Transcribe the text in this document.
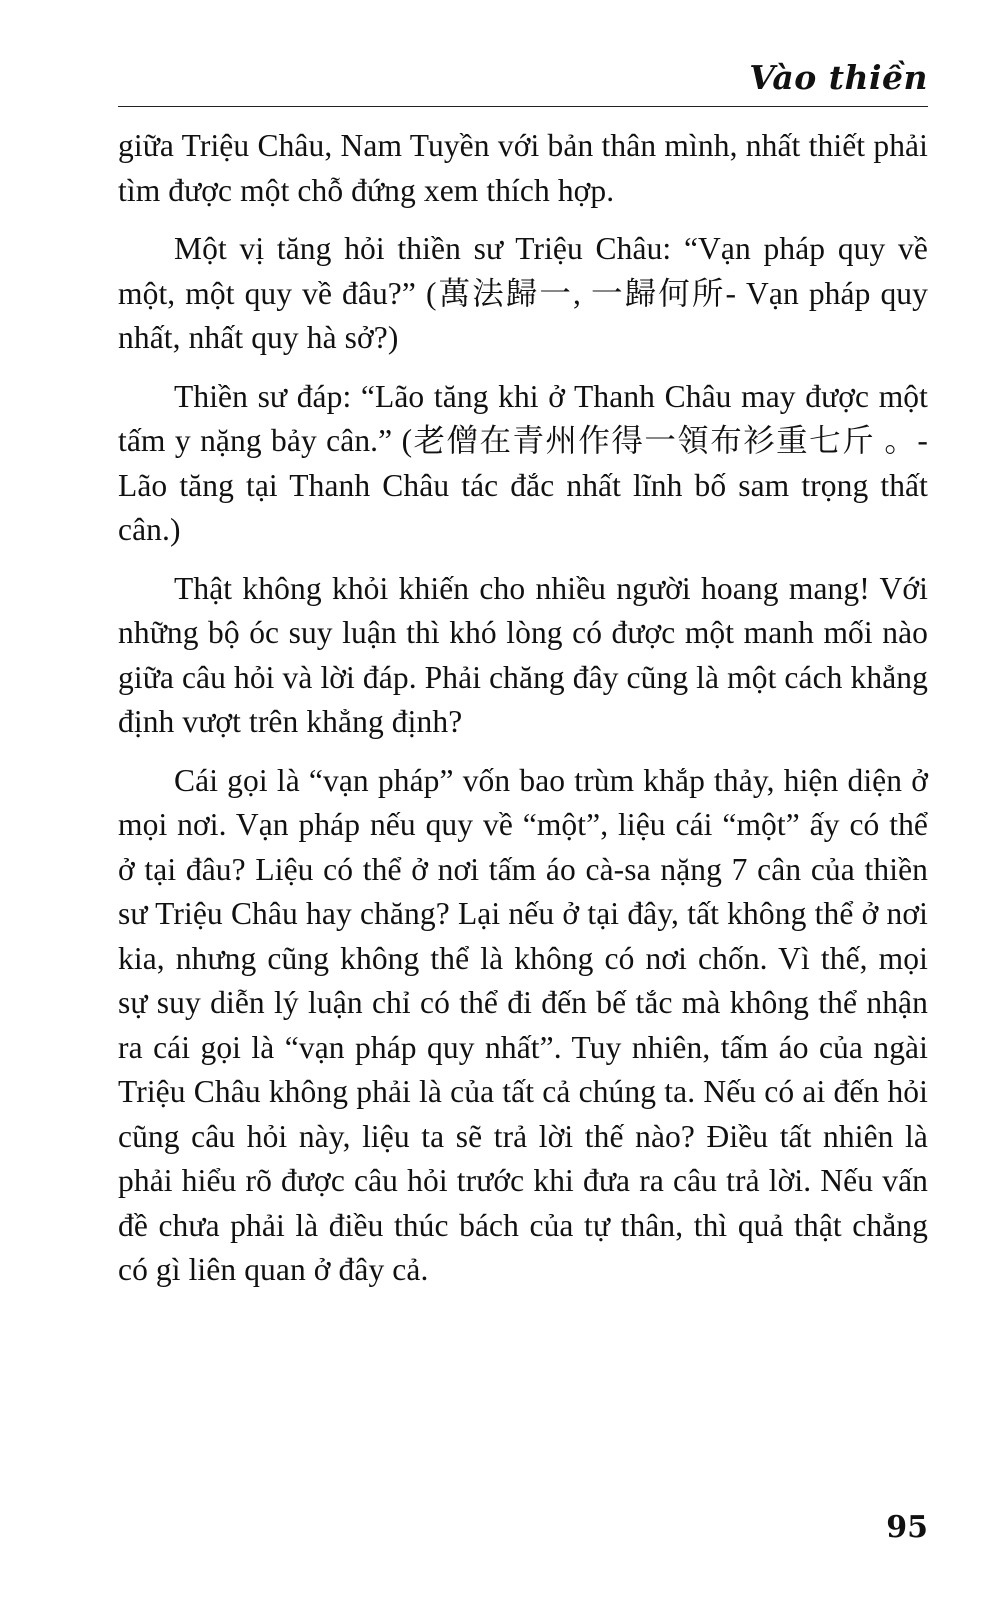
Vào thiền

giữa Triệu Châu, Nam Tuyền với bản thân mình, nhất thiết phải tìm được một chỗ đứng xem thích hợp.

Một vị tăng hỏi thiền sư Triệu Châu: “Vạn pháp quy về một, một quy về đâu?” (萬法歸一, 一歸何所- Vạn pháp quy nhất, nhất quy hà sở?)

Thiền sư đáp: “Lão tăng khi ở Thanh Châu may được một tấm y nặng bảy cân.” (老僧在青州作得一領布衫重七斤 。- Lão tăng tại Thanh Châu tác đắc nhất lĩnh bố sam trọng thất cân.)

Thật không khỏi khiến cho nhiều người hoang mang! Với những bộ óc suy luận thì khó lòng có được một manh mối nào giữa câu hỏi và lời đáp. Phải chăng đây cũng là một cách khẳng định vượt trên khẳng định?

Cái gọi là “vạn pháp” vốn bao trùm khắp thảy, hiện diện ở mọi nơi. Vạn pháp nếu quy về “một”, liệu cái “một” ấy có thể ở tại đâu? Liệu có thể ở nơi tấm áo cà-sa nặng 7 cân của thiền sư Triệu Châu hay chăng? Lại nếu ở tại đây, tất không thể ở nơi kia, nhưng cũng không thể là không có nơi chốn. Vì thế, mọi sự suy diễn lý luận chỉ có thể đi đến bế tắc mà không thể nhận ra cái gọi là “vạn pháp quy nhất”. Tuy nhiên, tấm áo của ngài Triệu Châu không phải là của tất cả chúng ta. Nếu có ai đến hỏi cũng câu hỏi này, liệu ta sẽ trả lời thế nào? Điều tất nhiên là phải hiểu rõ được câu hỏi trước khi đưa ra câu trả lời. Nếu vấn đề chưa phải là điều thúc bách của tự thân, thì quả thật chẳng có gì liên quan ở đây cả.

95
